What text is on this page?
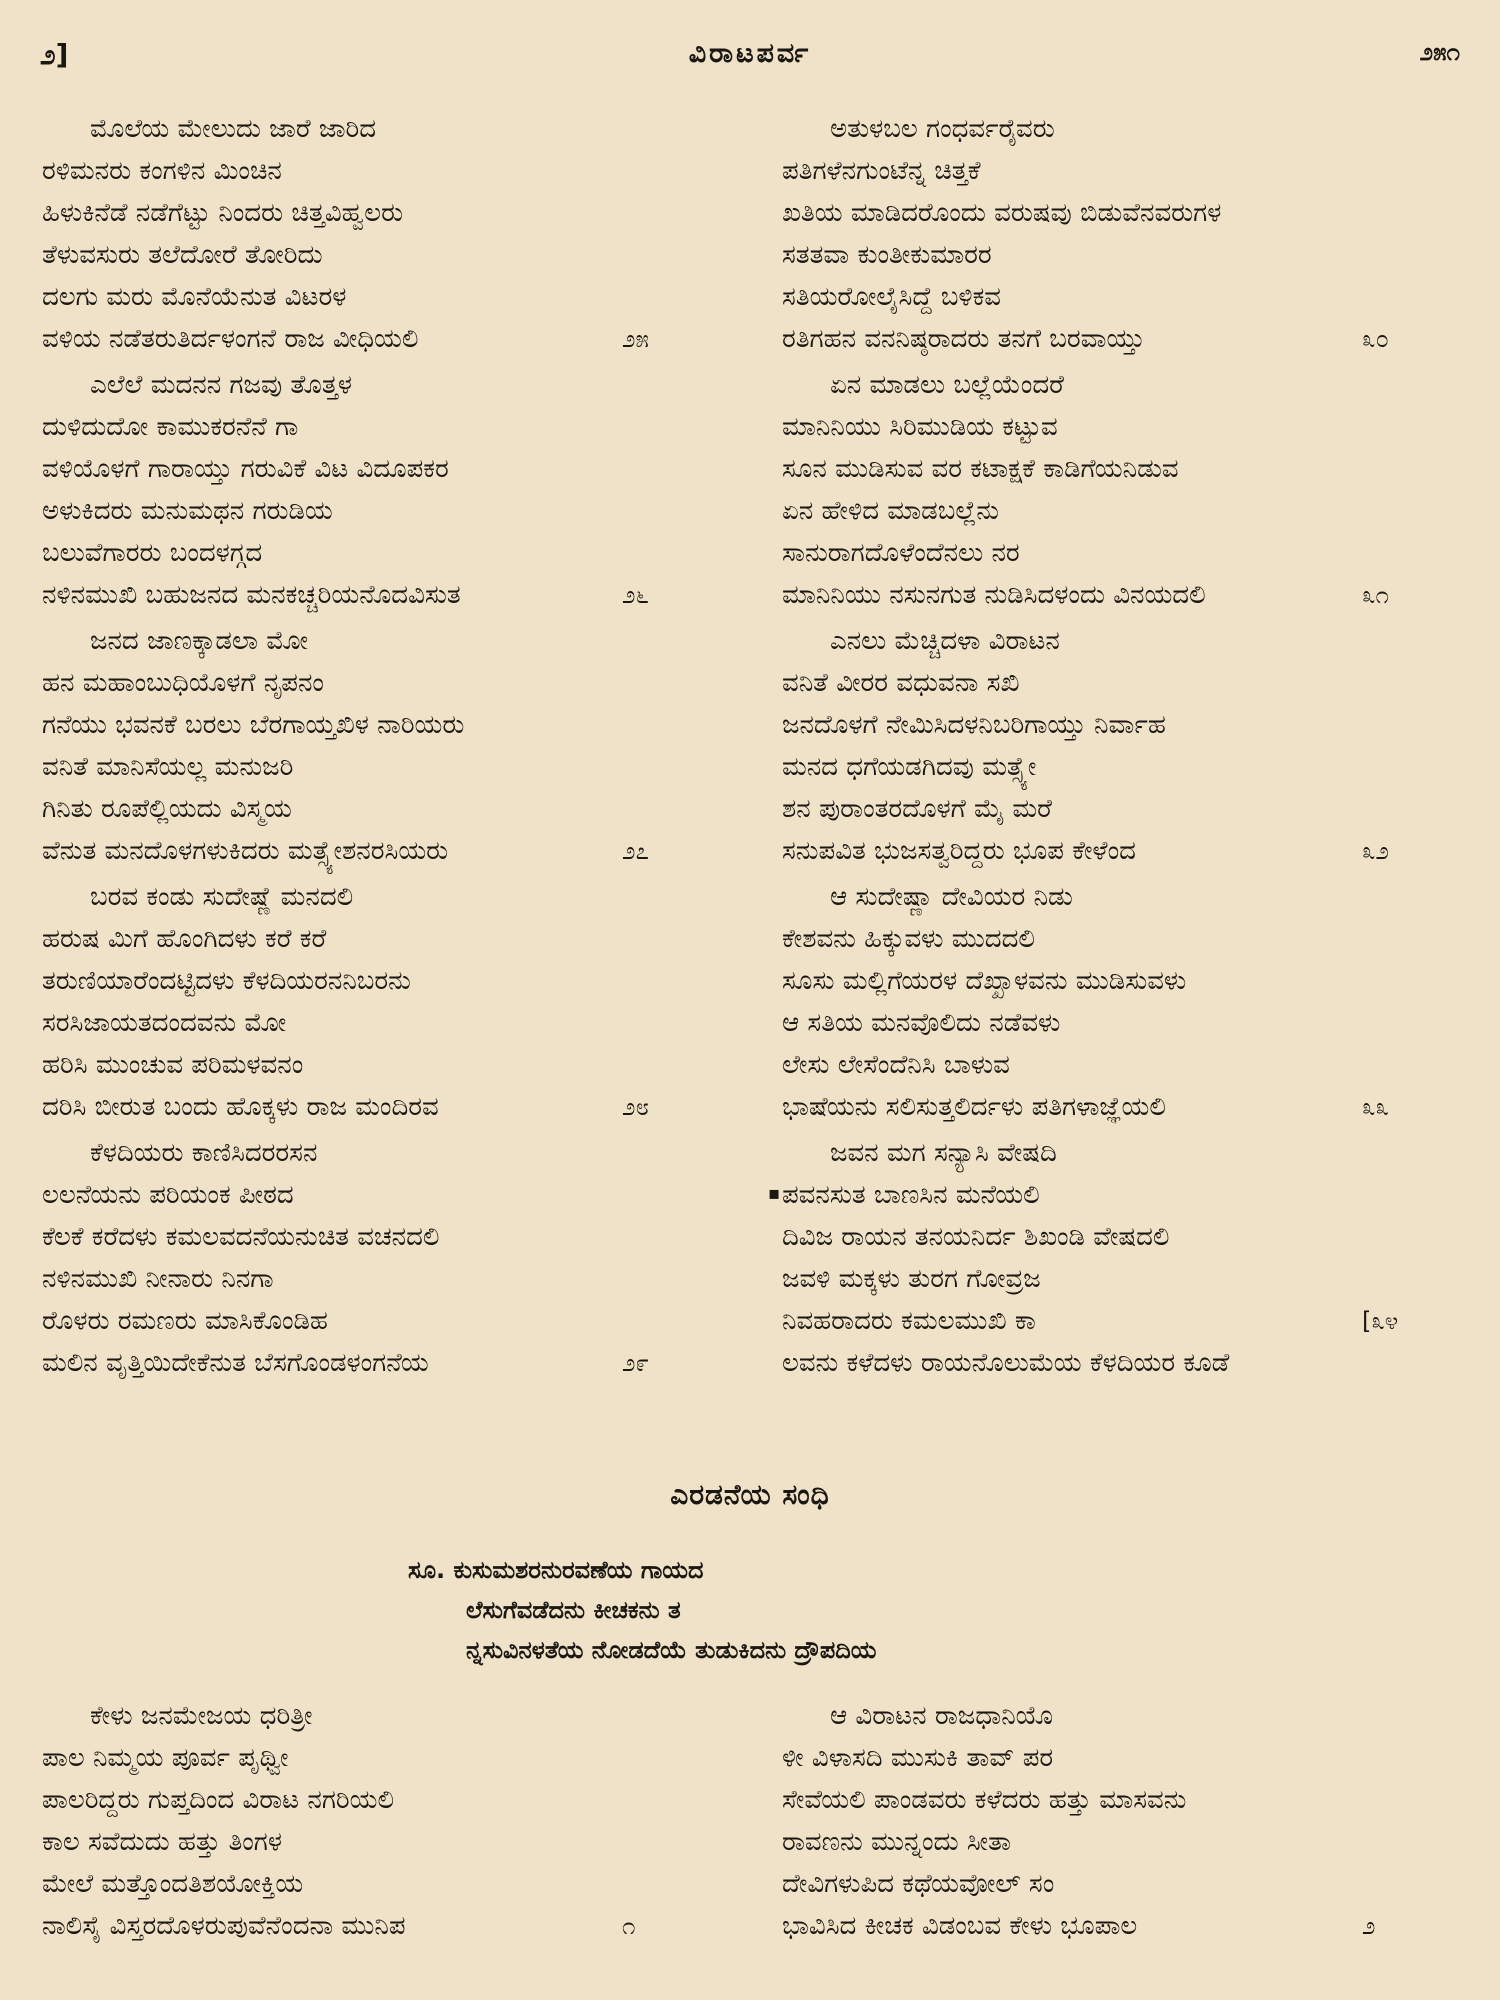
೨]	ವಿರಾಟಪರ್ವ	೨೫೧
ಮೊಲೆಯ ಮೇಲುದು ಜಾರೆ ಜಾರಿದ
ರಳಿಮನರು ಕಂಗಳಿನ ಮಿಂಚಿನ
ಹಿಳುಕಿನೆಡೆ ನಡೆಗೆಟ್ಟು ನಿಂದರು ಚಿತ್ತವಿಹ್ವಲರು
ತೆಳುವಸುರು ತಲೆದೋರೆ ತೋರಿದು
ದಲಗು ಮರು ಮೊನೆಯೆನುತ ವಿಟರಳ
ವಳಿಯ ನಡೆತರುತಿರ್ದಳಂಗನೆ ರಾಜ ವೀಧಿಯಲಿ	೨೫
ಎಲೆಲೆ ಮದನನ ಗಜವು ತೊತ್ತಳ
ದುಳಿದುದೋ ಕಾಮುಕರನೆನೆ ಗಾ
ವಳಿಯೊಳಗೆ ಗಾರಾಯ್ತು ಗರುವಿಕೆ ವಿಟ ವಿದೂಪಕರ
ಅಳುಕಿದರು ಮನುಮಥನ ಗರುಡಿಯ
ಬಲುವೆಗಾರರು ಬಂದಳಗ್ಗದ
ನಳಿನಮುಖಿ ಬಹುಜನದ ಮನಕಚ್ಚರಿಯನೊದವಿಸುತ	೨೬
ಜನದ ಜಾಣಕ್ಕಾಡಲಾ ಮೋ
ಹನ ಮಹಾಂಬುಧಿಯೊಳಗೆ ನೃಪನಂ
ಗನೆಯು ಭವನಕೆ ಬರಲು ಬೆರಗಾಯ್ತಖಿಳ ನಾರಿಯರು
ವನಿತೆ ಮಾನಿಸೆಯಲ್ಲ ಮನುಜರಿ
ಗಿನಿತು ರೂಪೆಲ್ಲಿಯದು ವಿಸ್ಮಯ
ವೆನುತ ಮನದೊಳಗಳುಕಿದರು ಮತ್ಸ್ಯೇಶನರಸಿಯರು	೨೭
ಬರವ ಕಂಡು ಸುದೇಷ್ಣೆ ಮನದಲಿ
ಹರುಷ ಮಿಗೆ ಹೊಂಗಿದಳು ಕರೆ ಕರೆ
ತರುಣಿಯಾರೆಂದಟ್ಟಿದಳು ಕೆಳದಿಯರನನಿಬರನು
ಸರಸಿಜಾಯತದಂದವನು ಮೋ
ಹರಿಸಿ ಮುಂಚುವ ಪರಿಮಳವನಂ
ದರಿಸಿ ಬೀರುತ ಬಂದು ಹೊಕ್ಕಳು ರಾಜ ಮಂದಿರವ	೨೮
ಕೆಳದಿಯರು ಕಾಣಿಸಿದರರಸನ
ಲಲನೆಯನು ಪರಿಯಂಕ ಪೀಠದ
ಕೆಲಕೆ ಕರೆದಳು ಕಮಲವದನೆಯನುಚಿತ ವಚನದಲಿ
ನಳಿನಮುಖಿ ನೀನಾರು ನಿನಗಾ
ರೊಳರು ರಮಣರು ಮಾಸಿಕೊಂಡಿಹ
ಮಲಿನ ವೃತ್ತಿಯಿದೇಕೆನುತ ಬೆಸಗೊಂಡಳಂಗನೆಯ	೨೯
ಅತುಳಬಲ ಗಂಧರ್ವರೈವರು
ಪತಿಗಳೆನಗುಂಟೆನ್ನ ಚಿತ್ತಕೆ
ಖತಿಯ ಮಾಡಿದರೊಂದು ವರುಷವು ಬಿಡುವೆನವರುಗಳ
ಸತತವಾ ಕುಂತೀಕುಮಾರರ
ಸತಿಯರೋಲೈಸಿದ್ದೆ ಬಳಿಕವ
ರತಿಗಹನ ವನನಿಷ್ಠರಾದರು ತನಗೆ ಬರವಾಯ್ತು	೩೦
ಏನ ಮಾಡಲು ಬಲ್ಲೆಯೆಂದರೆ
ಮಾನಿನಿಯು ಸಿರಿಮುಡಿಯ ಕಟ್ಟುವ
ಸೂನ ಮುಡಿಸುವ ವರ ಕಟಾಕ್ಷಕೆ ಕಾಡಿಗೆಯನಿಡುವ
ಏನ ಹೇಳಿದ ಮಾಡಬಲ್ಲೆನು
ಸಾನುರಾಗದೊಳೆಂದೆನಲು ನರ
ಮಾನಿನಿಯು ನಸುನಗುತ ನುಡಿಸಿದಳಂದು ವಿನಯದಲಿ	೩೧
ಎನಲು ಮೆಚ್ಚಿದಳಾ ವಿರಾಟನ
ವನಿತೆ ವೀರರ ವಧುವನಾ ಸಖಿ
ಜನದೊಳಗೆ ನೇಮಿಸಿದಳನಿಬರಿಗಾಯ್ತು ನಿರ್ವಾಹ
ಮನದ ಧಗೆಯಡಗಿದವು ಮತ್ಸ್ಯೇ
ಶನ ಪುರಾಂತರದೊಳಗೆ ಮೈ ಮರೆ
ಸನುಪವಿತ ಭುಜಸತ್ವರಿದ್ದರು ಭೂಪ ಕೇಳೆಂದ	೩೨
ಆ ಸುದೇಷ್ಣಾ ದೇವಿಯರ ನಿಡು
ಕೇಶವನು ಹಿಕ್ಕುವಳು ಮುದದಲಿ
ಸೂಸು ಮಲ್ಲಿಗೆಯರಳ ದೆಖ್ಖಾಳವನು ಮುಡಿಸುವಳು
ಆ ಸತಿಯ ಮನವೊಲಿದು ನಡೆವಳು
ಲೇಸು ಲೇಸೆಂದೆನಿಸಿ ಬಾಳುವ
ಭಾಷೆಯನು ಸಲಿಸುತ್ತಲಿರ್ದಳು ಪತಿಗಳಾಜ್ಞೆಯಲಿ	೩೩
ಜವನ ಮಗ ಸನ್ಯಾಸಿ ವೇಷದಿ
ಪವನಸುತ ಬಾಣಸಿನ ಮನೆಯಲಿ
ದಿವಿಜ ರಾಯನ ತನಯನಿರ್ದ ಶಿಖಂಡಿ ವೇಷದಲಿ
ಜವಳಿ ಮಕ್ಕಳು ತುರಗ ಗೋವ್ರಜ
ನಿವಹರಾದರು ಕಮಲಮುಖಿ ಕಾ	[೩೪
ಲವನು ಕಳೆದಳು ರಾಯನೊಲುಮೆಯ ಕೆಳದಿಯರ ಕೂಡೆ
▪
ಎರಡನೆಯ ಸಂಧಿ
ಸೂ. ಕುಸುಮಶರನುರವಣೆಯ ಗಾಯದ
ಲೆಸುಗೆವಡೆದನು ಕೀಚಕನು ತ
ನ್ನಸುವಿನಳತೆಯ ನೋಡದೆಯೆ ತುಡುಕಿದನು ದ್ರೌಪದಿಯ
ಕೇಳು ಜನಮೇಜಯ ಧರಿತ್ರೀ
ಪಾಲ ನಿಮ್ಮಯ ಪೂರ್ವ ಪೃಥ್ವೀ
ಪಾಲರಿದ್ದರು ಗುಪ್ತದಿಂದ ವಿರಾಟ ನಗರಿಯಲಿ
ಕಾಲ ಸವೆದುದು ಹತ್ತು ತಿಂಗಳ
ಮೇಲೆ ಮತ್ತೊಂದತಿಶಯೋಕ್ತಿಯ
ನಾಲಿಸೈ ವಿಸ್ತರದೊಳರುಪುವೆನೆಂದನಾ ಮುನಿಪ	೧
ಆ ವಿರಾಟನ ರಾಜಧಾನಿಯೊ
ಳೀ ವಿಳಾಸದಿ ಮುಸುಕಿ ತಾವ್ ಪರ
ಸೇವೆಯಲಿ ಪಾಂಡವರು ಕಳೆದರು ಹತ್ತು ಮಾಸವನು
ರಾವಣನು ಮುನ್ನಂದು ಸೀತಾ
ದೇವಿಗಳುಪಿದ ಕಥೆಯವೋಲ್ ಸಂ
ಭಾವಿಸಿದ ಕೀಚಕ ವಿಡಂಬವ ಕೇಳು ಭೂಪಾಲ	೨
